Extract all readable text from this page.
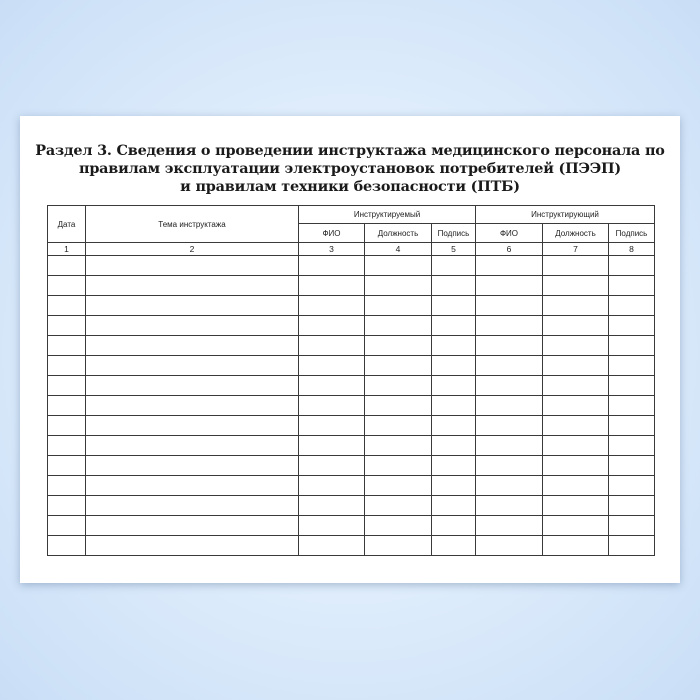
Раздел 3. Сведения о проведении инструктажа медицинского персонала по
правилам эксплуатации электроустановок потребителей (ПЭЭП)
и правилам техники безопасности (ПТБ)
Дата	Тема инструктажа	Инструктируемый			Инструктирующий		
		ФИО	Должность	Подпись	ФИО	Должность	Подпись
1	2	3	4	5	6	7	8
